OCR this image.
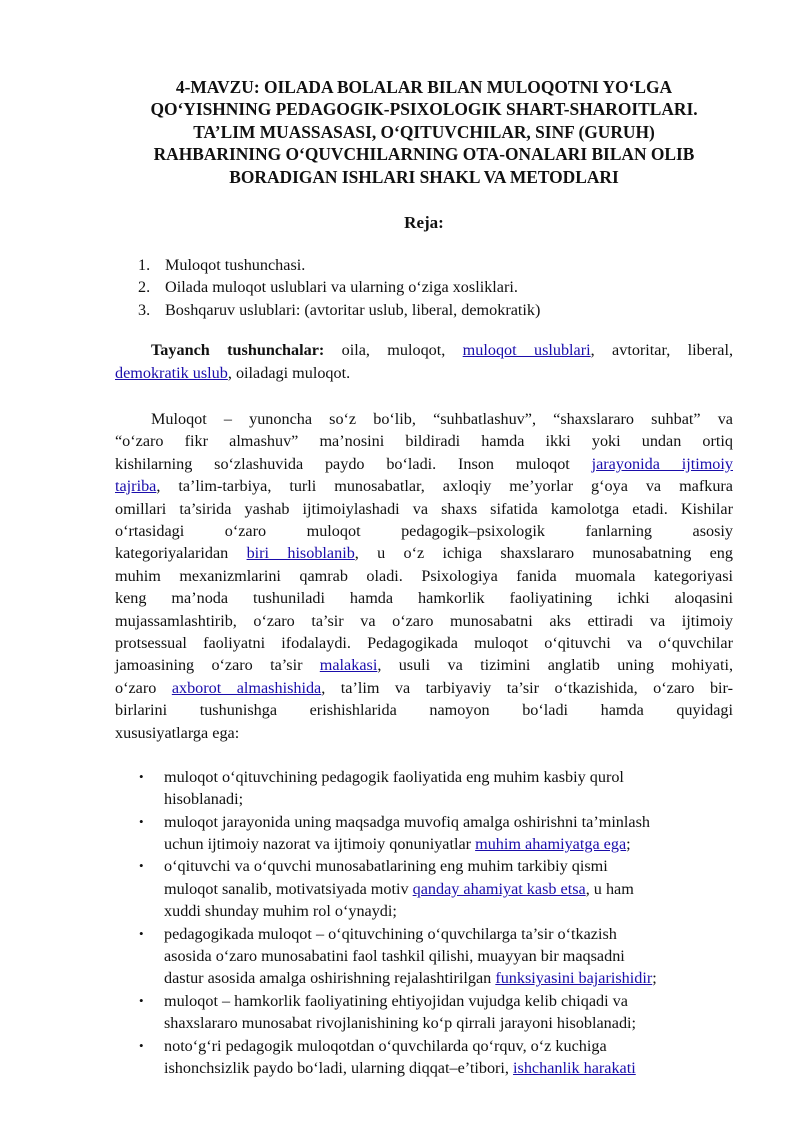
4-MAVZU: OILADA BOLALAR BILAN MULOQOTNI YO‘LGA
QO‘YISHNING PEDAGOGIK-PSIXOLOGIK SHART-SHAROITLARI.
TA’LIM MUASSASASI, O‘QITUVCHILAR, SINF (GURUH)
RAHBARINING O‘QUVCHILARNING OTA-ONALARI BILAN OLIB
BORADIGAN ISHLARI SHAKL VA METODLARI
Reja:
1. Muloqot tushunchasi.
2. Oilada muloqot uslublari va ularning o‘ziga xosliklari.
3. Boshqaruv uslublari: (avtoritar uslub, liberal, demokratik)
Tayanch tushunchalar: oila, muloqot, muloqot uslublari, avtoritar, liberal,
demokratik uslub, oiladagi muloqot.
Muloqot – yunoncha so‘z bo‘lib, “suhbatlashuv”, “shaxslararo suhbat” va
“o‘zaro fikr almashuv” ma’nosini bildiradi hamda ikki yoki undan ortiq
kishilarning so‘zlashuvida paydo bo‘ladi. Inson muloqot jarayonida ijtimoiy
tajriba, ta’lim-tarbiya, turli munosabatlar, axloqiy me’yorlar g‘oya va mafkura
omillari ta’sirida yashab ijtimoiylashadi va shaxs sifatida kamolotga etadi. Kishilar
o‘rtasidagi o‘zaro muloqot pedagogik–psixologik fanlarning asosiy
kategoriyalaridan biri hisoblanib, u o‘z ichiga shaxslararo munosabatning eng
muhim mexanizmlarini qamrab oladi. Psixologiya fanida muomala kategoriyasi
keng ma’noda tushuniladi hamda hamkorlik faoliyatining ichki aloqasini
mujassamlashtirib, o‘zaro ta’sir va o‘zaro munosabatni aks ettiradi va ijtimoiy
protsessual faoliyatni ifodalaydi. Pedagogikada muloqot o‘qituvchi va o‘quvchilar
jamoasining o‘zaro ta’sir malakasi, usuli va tizimini anglatib uning mohiyati,
o‘zaro axborot almashishida, ta’lim va tarbiyaviy ta’sir o‘tkazishida, o‘zaro bir-
birlarini tushunishga erishishlarida namoyon bo‘ladi hamda quyidagi
xususiyatlarga ega:
• muloqot o‘qituvchining pedagogik faoliyatida eng muhim kasbiy qurol
hisoblanadi;
• muloqot jarayonida uning maqsadga muvofiq amalga oshirishni ta’minlash
uchun ijtimoiy nazorat va ijtimoiy qonuniyatlar muhim ahamiyatga ega;
• o‘qituvchi va o‘quvchi munosabatlarining eng muhim tarkibiy qismi
muloqot sanalib, motivatsiyada motiv qanday ahamiyat kasb etsa, u ham
xuddi shunday muhim rol o‘ynaydi;
• pedagogikada muloqot – o‘qituvchining o‘quvchilarga ta’sir o‘tkazish
asosida o‘zaro munosabatini faol tashkil qilishi, muayyan bir maqsadni
dastur asosida amalga oshirishning rejalashtirilgan funksiyasini bajarishidir;
• muloqot – hamkorlik faoliyatining ehtiyojidan vujudga kelib chiqadi va
shaxslararo munosabat rivojlanishining ko‘p qirrali jarayoni hisoblanadi;
• noto‘g‘ri pedagogik muloqotdan o‘quvchilarda qo‘rquv, o‘z kuchiga
ishonchsizlik paydo bo‘ladi, ularning diqqat–e’tibori, ishchanlik harakati
